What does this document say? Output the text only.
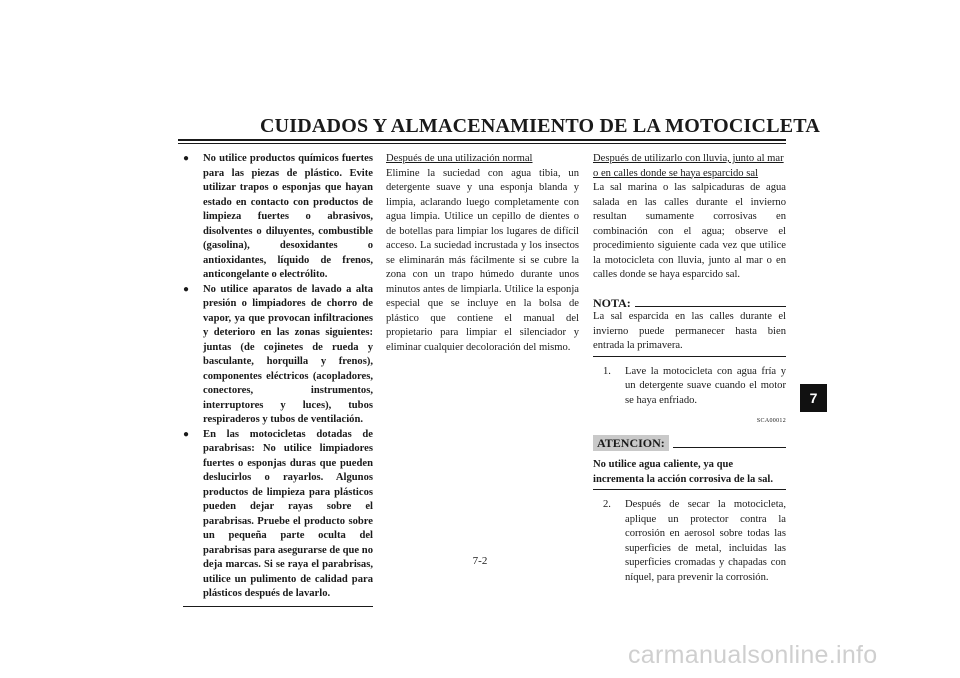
CUIDADOS Y ALMACENAMIENTO DE LA MOTOCICLETA
● No utilice productos químicos fuertes para las piezas de plástico. Evite utilizar trapos o esponjas que hayan estado en contacto con productos de limpieza fuertes o abrasivos, disolventes o diluyentes, combustible (gasolina), desoxidantes o antioxidantes, líquido de frenos, anticongelante o electrólito.
● No utilice aparatos de lavado a alta presión o limpiadores de chorro de vapor, ya que provocan infiltraciones y deterioro en las zonas siguientes: juntas (de cojinetes de rueda y basculante, horquilla y frenos), componentes eléctricos (acopladores, conectores, instrumentos, interruptores y luces), tubos respiraderos y tubos de ventilación.
● En las motocicletas dotadas de parabrisas: No utilice limpiadores fuertes o esponjas duras que pueden deslucirlos o rayarlos. Algunos productos de limpieza para plásticos pueden dejar rayas sobre el parabrisas. Pruebe el producto sobre un pequeña parte oculta del parabrisas para asegurarse de que no deja marcas. Si se raya el parabrisas, utilice un pulimento de calidad para plásticos después de lavarlo.
Después de una utilización normal
Elimine la suciedad con agua tibia, un detergente suave y una esponja blanda y limpia, aclarando luego completamente con agua limpia. Utilice un cepillo de dientes o de botellas para limpiar los lugares de difícil acceso. La suciedad incrustada y los insectos se eliminarán más fácilmente si se cubre la zona con un trapo húmedo durante unos minutos antes de limpiarla. Utilice la esponja especial que se incluye en la bolsa de plástico que contiene el manual del propietario para limpiar el silenciador y eliminar cualquier decoloración del mismo.
Después de utilizarlo con lluvia, junto al mar o en calles donde se haya esparcido sal
La sal marina o las salpicaduras de agua salada en las calles durante el invierno resultan sumamente corrosivas en combinación con el agua; observe el procedimiento siguiente cada vez que utilice la motocicleta con lluvia, junto al mar o en calles donde se haya esparcido sal.
NOTA:
La sal esparcida en las calles durante el invierno puede permanecer hasta bien entrada la primavera.
1. Lave la motocicleta con agua fría y un detergente suave cuando el motor se haya enfriado.
SCA00012
ATENCION:
No utilice agua caliente, ya que incrementa la acción corrosiva de la sal.
2. Después de secar la motocicleta, aplique un protector contra la corrosión en aerosol sobre todas las superficies de metal, incluidas las superficies cromadas y chapadas con níquel, para prevenir la corrosión.
7
7-2
carmanualsonline.info
